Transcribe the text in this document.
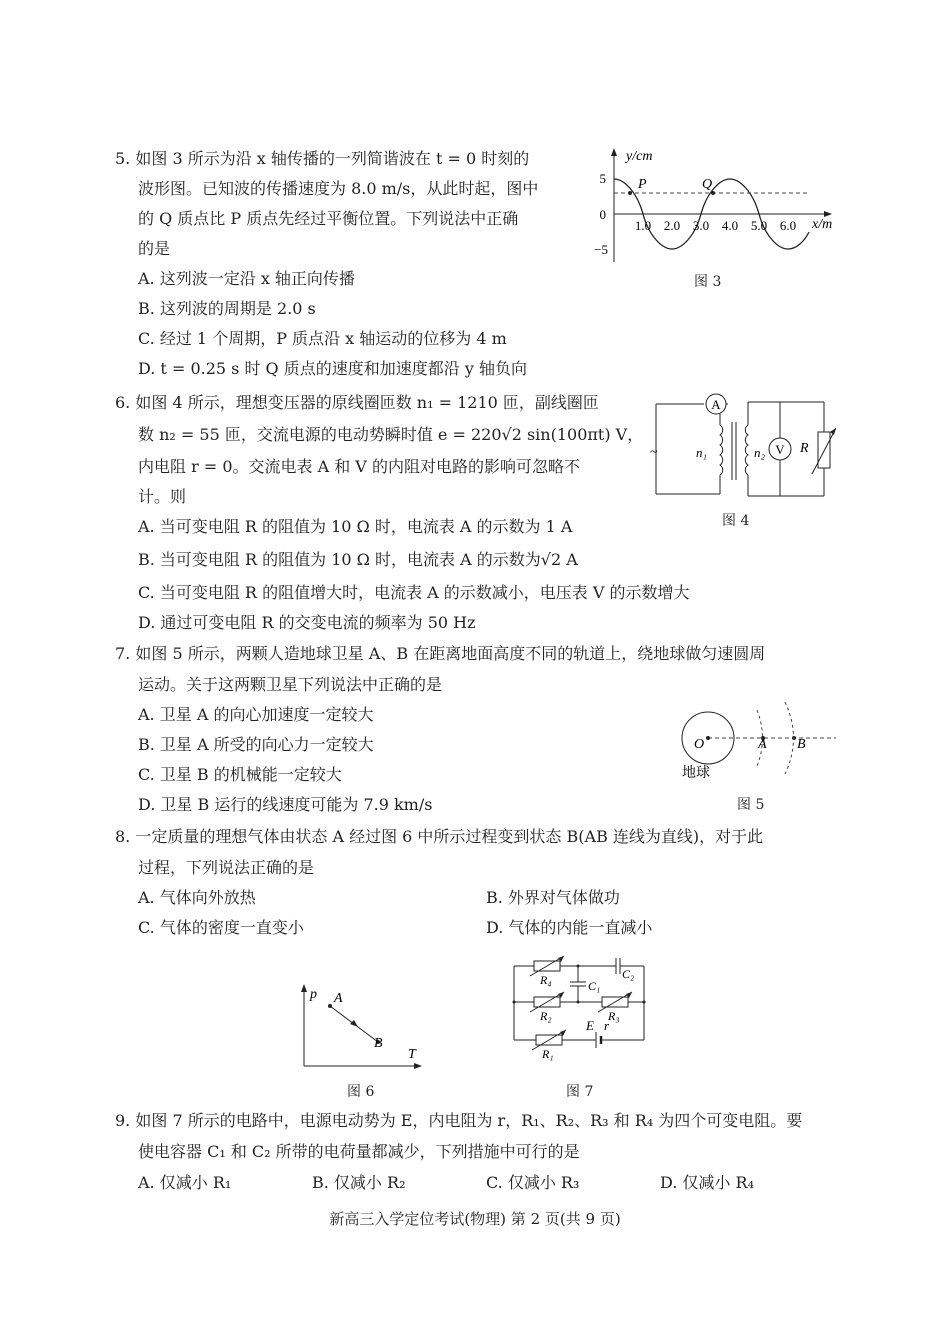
5. 如图 3 所示为沿 x 轴传播的一列简谐波在 t = 0 时刻的
波形图。已知波的传播速度为 8.0 m/s，从此时起，图中
的 Q 质点比 P 质点先经过平衡位置。下列说法中正确
的是
A. 这列波一定沿 x 轴正向传播
B. 这列波的周期是 2.0 s
C. 经过 1 个周期，P 质点沿 x 轴运动的位移为 4 m
D. t = 0.25 s 时 Q 质点的速度和加速度都沿 y 轴负向
y/cm
x/m
5
0
−5
1.0 2.0 3.0 4.0 5.0 6.0
P	Q
图 3
6. 如图 4 所示，理想变压器的原线圈匝数 n₁ = 1210 匝，副线圈匝
数 n₂ = 55 匝，交流电源的电动势瞬时值 e = 220√2 sin(100πt) V，
内电阻 r = 0。交流电表 A 和 V 的内阻对电路的影响可忽略不
计。则
A. 当可变电阻 R 的阻值为 10 Ω 时，电流表 A 的示数为 1 A
B. 当可变电阻 R 的阻值为 10 Ω 时，电流表 A 的示数为√2 A
C. 当可变电阻 R 的阻值增大时，电流表 A 的示数减小，电压表 V 的示数增大
D. 通过可变电阻 R 的交变电流的频率为 50 Hz
A
~	n₁	n₂ V R
图 4
7. 如图 5 所示，两颗人造地球卫星 A、B 在距离地面高度不同的轨道上，绕地球做匀速圆周
运动。关于这两颗卫星下列说法中正确的是
A. 卫星 A 的向心加速度一定较大
B. 卫星 A 所受的向心力一定较大
C. 卫星 B 的机械能一定较大
D. 卫星 B 运行的线速度可能为 7.9 km/s
O	A B
地球
图 5
8. 一定质量的理想气体由状态 A 经过图 6 中所示过程变到状态 B(AB 连线为直线)，对于此
过程，下列说法正确的是
A. 气体向外放热	B. 外界对气体做功
C. 气体的密度一直变小	D. 气体的内能一直减小
p
T
A
B
图 6
R₄	C₂
C₁
R₂	R₃
R₁
E r
图 7
9. 如图 7 所示的电路中，电源电动势为 E，内电阻为 r，R₁、R₂、R₃ 和 R₄ 为四个可变电阻。要
使电容器 C₁ 和 C₂ 所带的电荷量都减少，下列措施中可行的是
A. 仅减小 R₁	B. 仅减小 R₂	C. 仅减小 R₃	D. 仅减小 R₄
新高三入学定位考试(物理) 第 2 页(共 9 页)
